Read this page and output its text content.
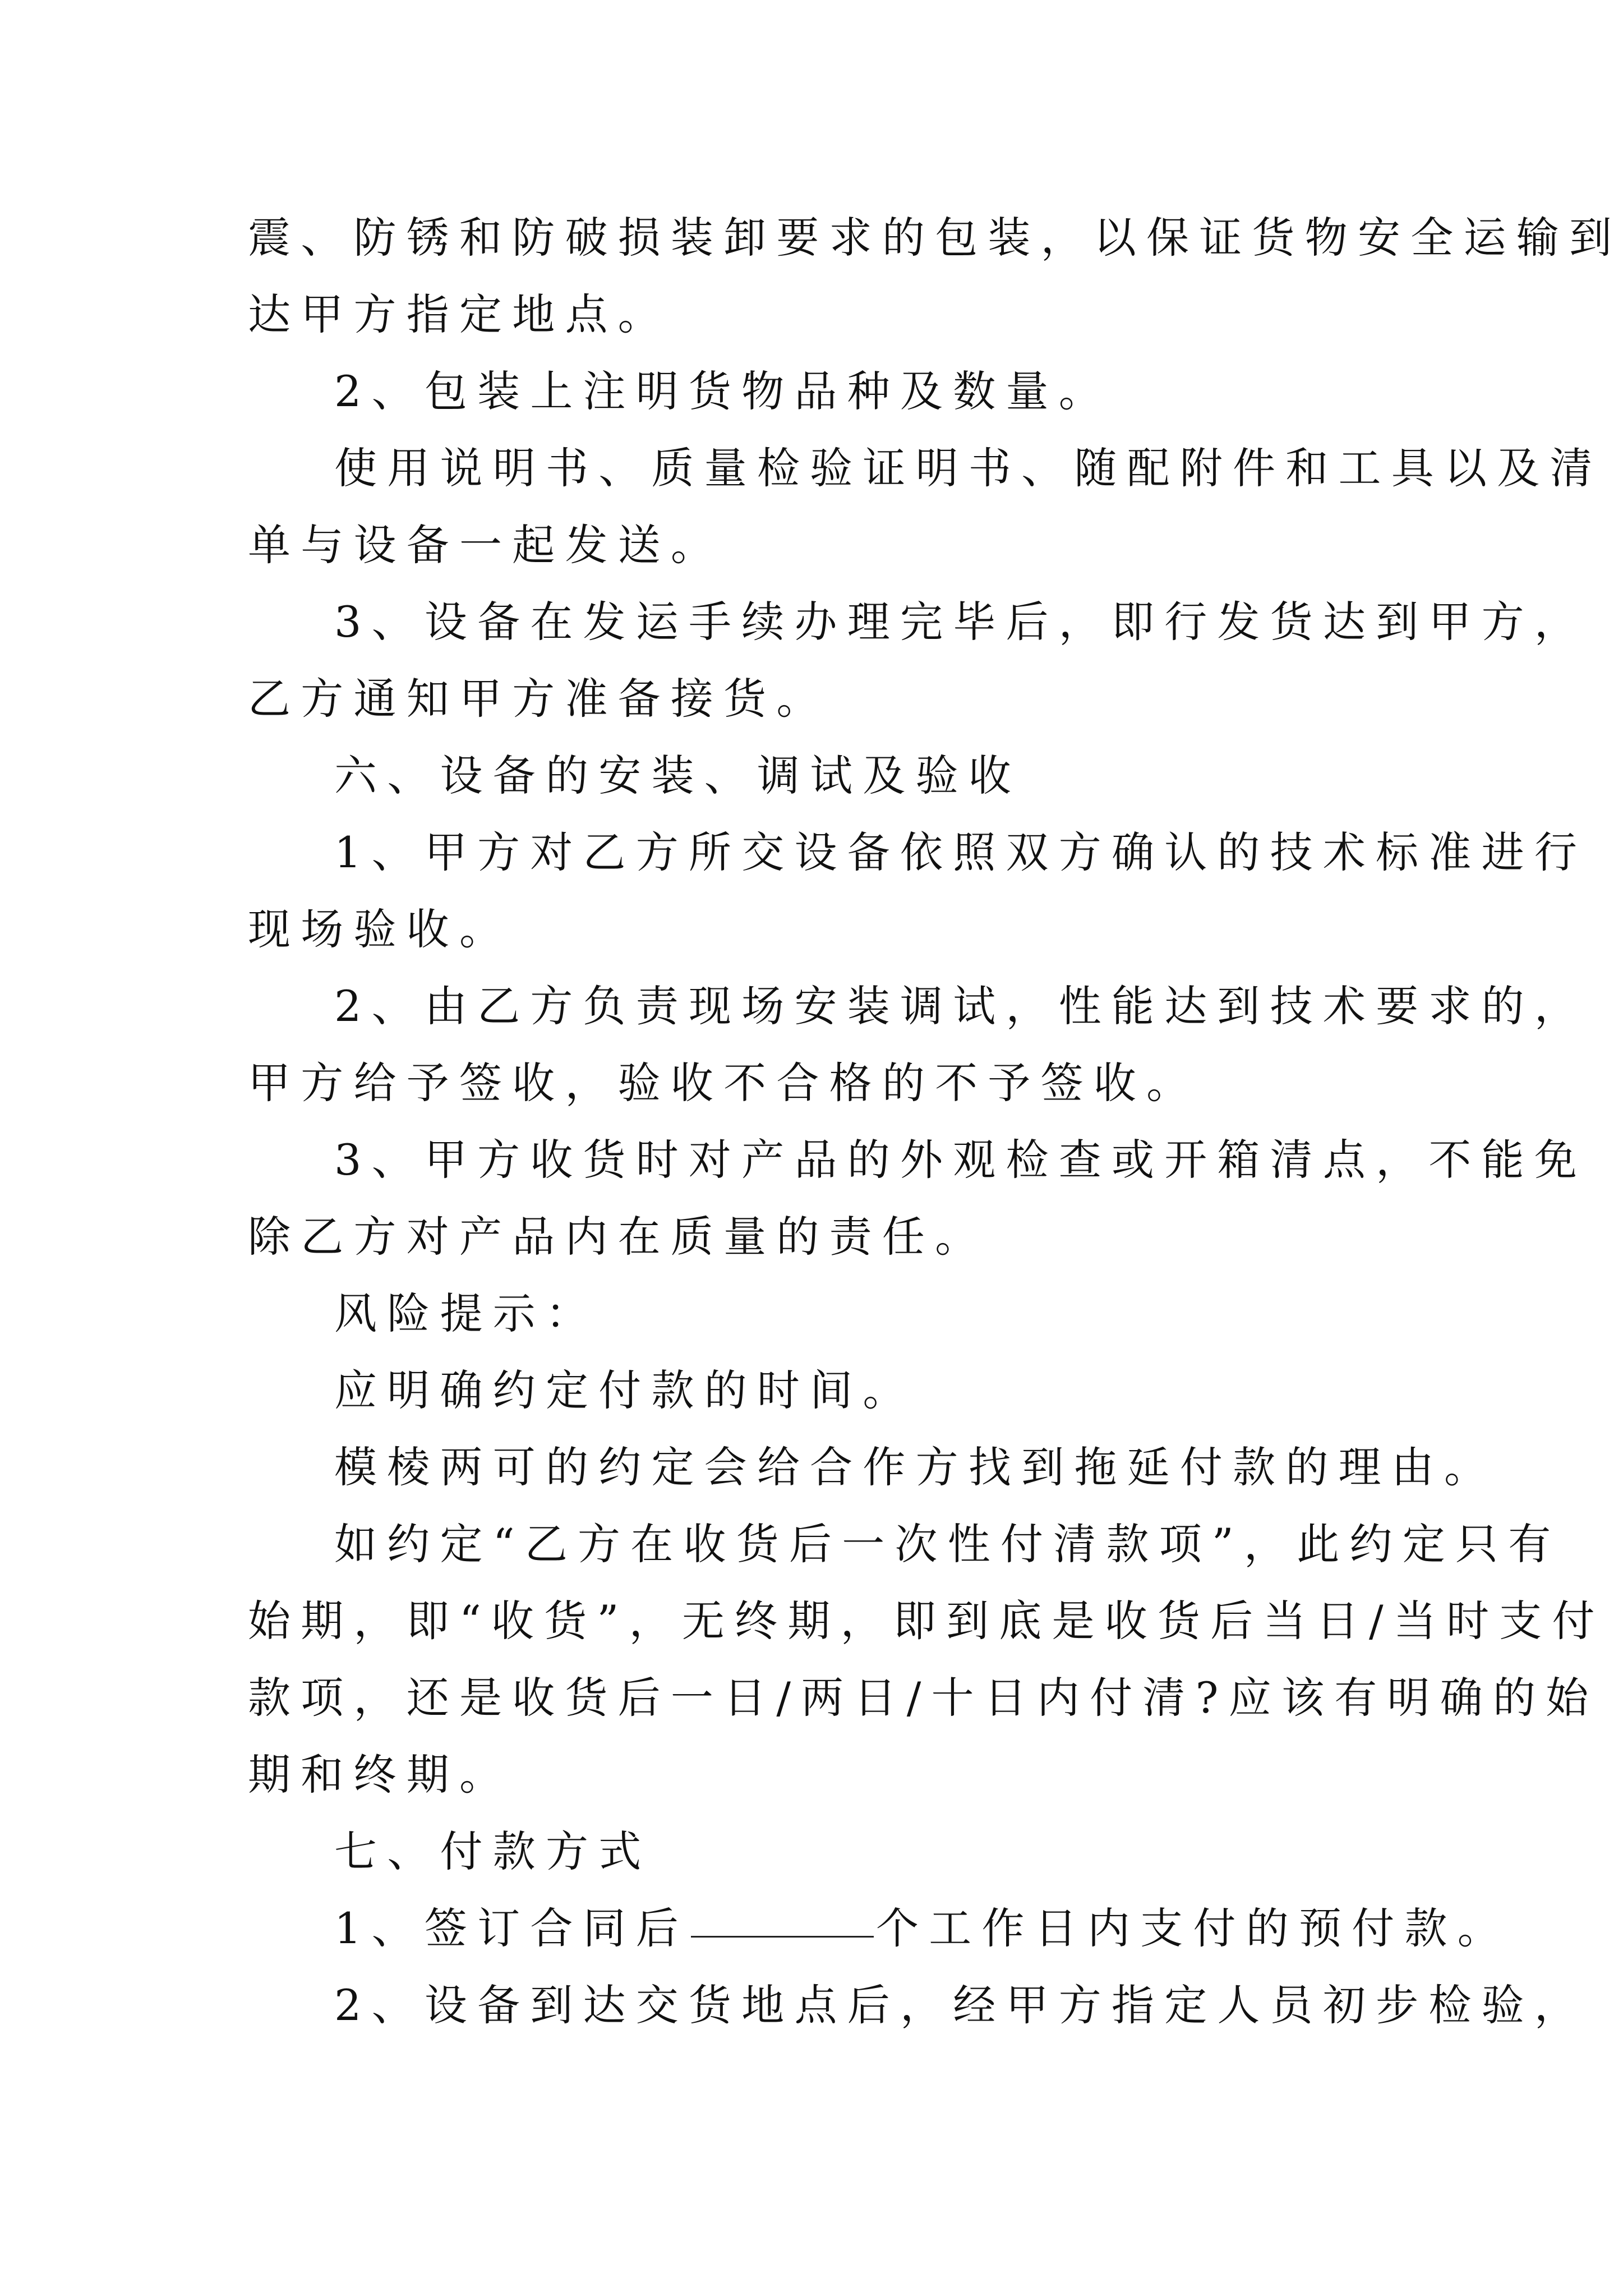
震、防锈和防破损装卸要求的包装，以保证货物安全运输到
达甲方指定地点。
2、包装上注明货物品种及数量。
使用说明书、质量检验证明书、随配附件和工具以及清
单与设备一起发送。
3、设备在发运手续办理完毕后，即行发货达到甲方，
乙方通知甲方准备接货。
六、设备的安装、调试及验收
1、甲方对乙方所交设备依照双方确认的技术标准进行
现场验收。
2、由乙方负责现场安装调试，性能达到技术要求的，
甲方给予签收，验收不合格的不予签收。
3、甲方收货时对产品的外观检查或开箱清点，不能免
除乙方对产品内在质量的责任。
风险提示：
应明确约定付款的时间。
模棱两可的约定会给合作方找到拖延付款的理由。
如约定“乙方在收货后一次性付清款项”，此约定只有
始期，即“收货”，无终期，即到底是收货后当日/当时支付
款项，还是收货后一日/两日/十日内付清?应该有明确的始
期和终期。
七、付款方式
1、签订合同后	个工作日内支付的预付款。
2、设备到达交货地点后，经甲方指定人员初步检验，
